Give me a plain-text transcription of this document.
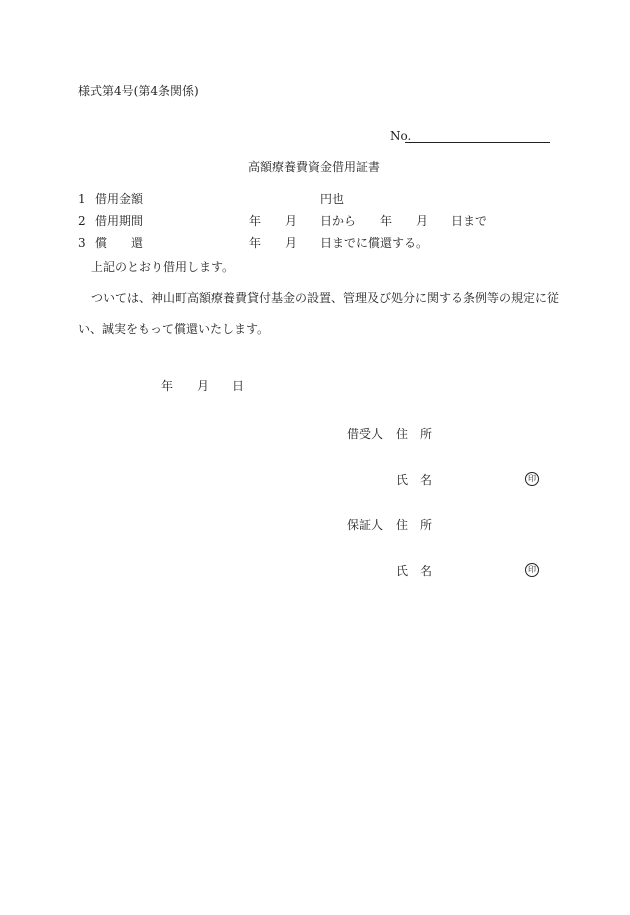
様式第4号(第4条関係)
No.
高額療養費資金借用証書
1 借用金額	円也
2 借用期間	年 月 日から 年 月 日まで
3 償　　還	年 月 日までに償還する。
上記のとおり借用します。
ついては、神山町高額療養費貸付基金の設置、管理及び処分に関する条例等の規定に従
い、誠実をもって償還いたします。
年 月 日
借受人 住　所
氏　名	印
保証人 住　所
氏　名	印
